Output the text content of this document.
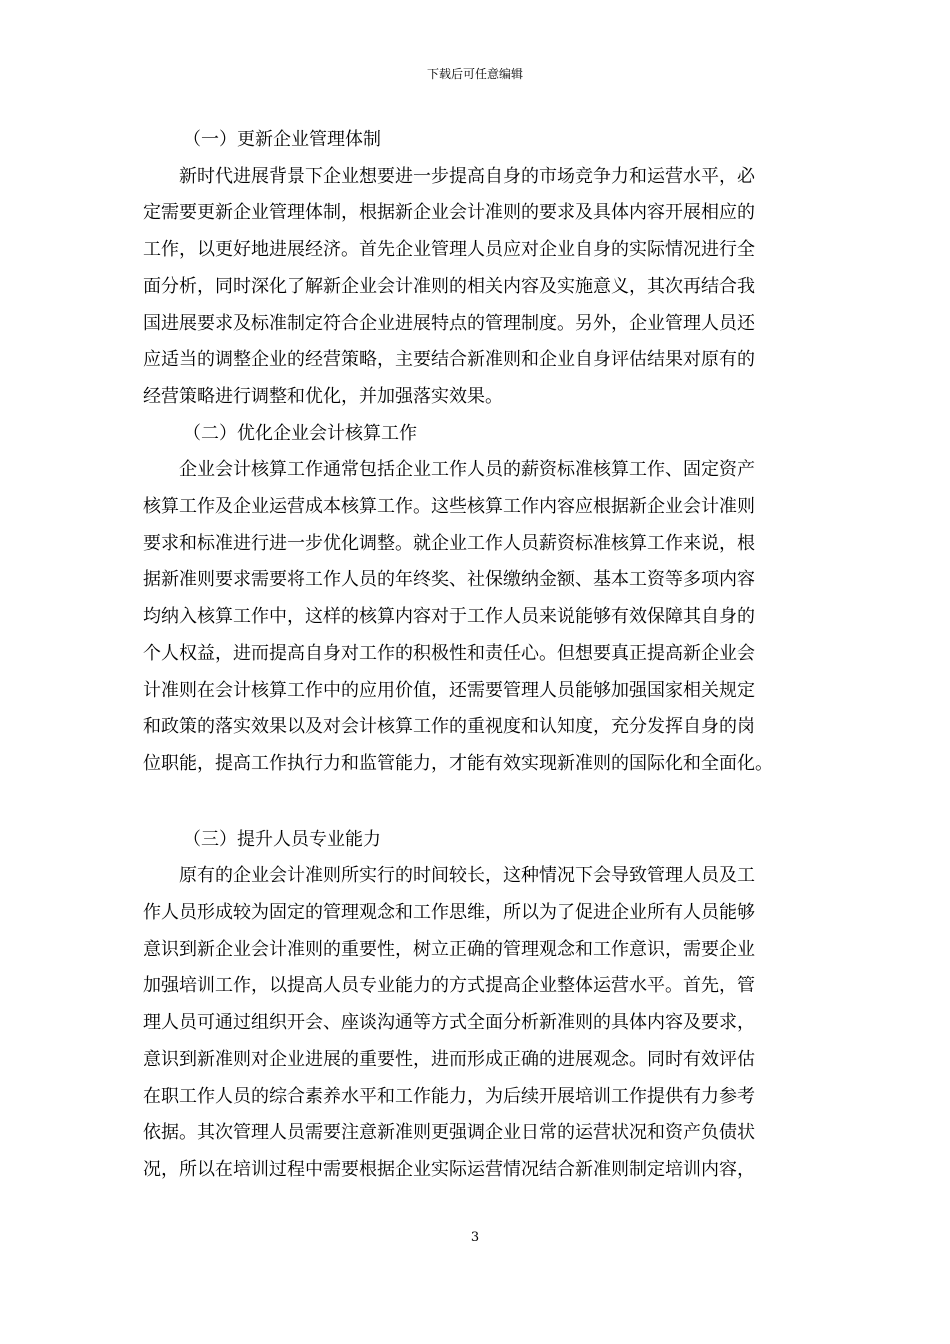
下载后可任意编辑
（一）更新企业管理体制

新时代进展背景下企业想要进一步提高自身的市场竞争力和运营水平，必
定需要更新企业管理体制，根据新企业会计准则的要求及具体内容开展相应的
工作，以更好地进展经济。首先企业管理人员应对企业自身的实际情况进行全
面分析，同时深化了解新企业会计准则的相关内容及实施意义，其次再结合我
国进展要求及标准制定符合企业进展特点的管理制度。另外，企业管理人员还
应适当的调整企业的经营策略，主要结合新准则和企业自身评估结果对原有的
经营策略进行调整和优化，并加强落实效果。

（二）优化企业会计核算工作

企业会计核算工作通常包括企业工作人员的薪资标准核算工作、固定资产
核算工作及企业运营成本核算工作。这些核算工作内容应根据新企业会计准则
要求和标准进行进一步优化调整。就企业工作人员薪资标准核算工作来说，根
据新准则要求需要将工作人员的年终奖、社保缴纳金额、基本工资等多项内容
均纳入核算工作中，这样的核算内容对于工作人员来说能够有效保障其自身的
个人权益，进而提高自身对工作的积极性和责任心。但想要真正提高新企业会
计准则在会计核算工作中的应用价值，还需要管理人员能够加强国家相关规定
和政策的落实效果以及对会计核算工作的重视度和认知度，充分发挥自身的岗
位职能，提高工作执行力和监管能力，才能有效实现新准则的国际化和全面化。

（三）提升人员专业能力

原有的企业会计准则所实行的时间较长，这种情况下会导致管理人员及工
作人员形成较为固定的管理观念和工作思维，所以为了促进企业所有人员能够
意识到新企业会计准则的重要性，树立正确的管理观念和工作意识，需要企业
加强培训工作，以提高人员专业能力的方式提高企业整体运营水平。首先，管
理人员可通过组织开会、座谈沟通等方式全面分析新准则的具体内容及要求，
意识到新准则对企业进展的重要性，进而形成正确的进展观念。同时有效评估
在职工作人员的综合素养水平和工作能力，为后续开展培训工作提供有力参考
依据。其次管理人员需要注意新准则更强调企业日常的运营状况和资产负债状
况，所以在培训过程中需要根据企业实际运营情况结合新准则制定培训内容，

3
